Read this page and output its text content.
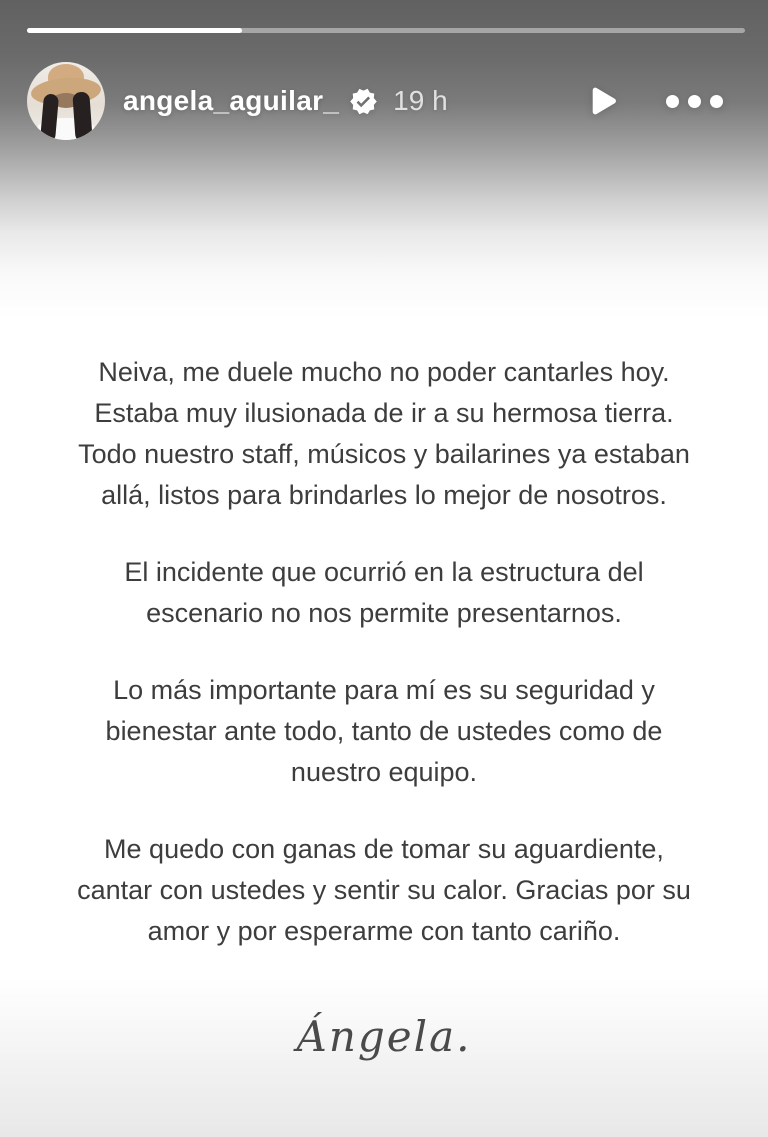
angela_aguilar_ 19 h

Neiva, me duele mucho no poder cantarles hoy. Estaba muy ilusionada de ir a su hermosa tierra. Todo nuestro staff, músicos y bailarines ya estaban allá, listos para brindarles lo mejor de nosotros.

El incidente que ocurrió en la estructura del escenario no nos permite presentarnos.

Lo más importante para mí es su seguridad y bienestar ante todo, tanto de ustedes como de nuestro equipo.

Me quedo con ganas de tomar su aguardiente, cantar con ustedes y sentir su calor. Gracias por su amor y por esperarme con tanto cariño.

Ángela.
